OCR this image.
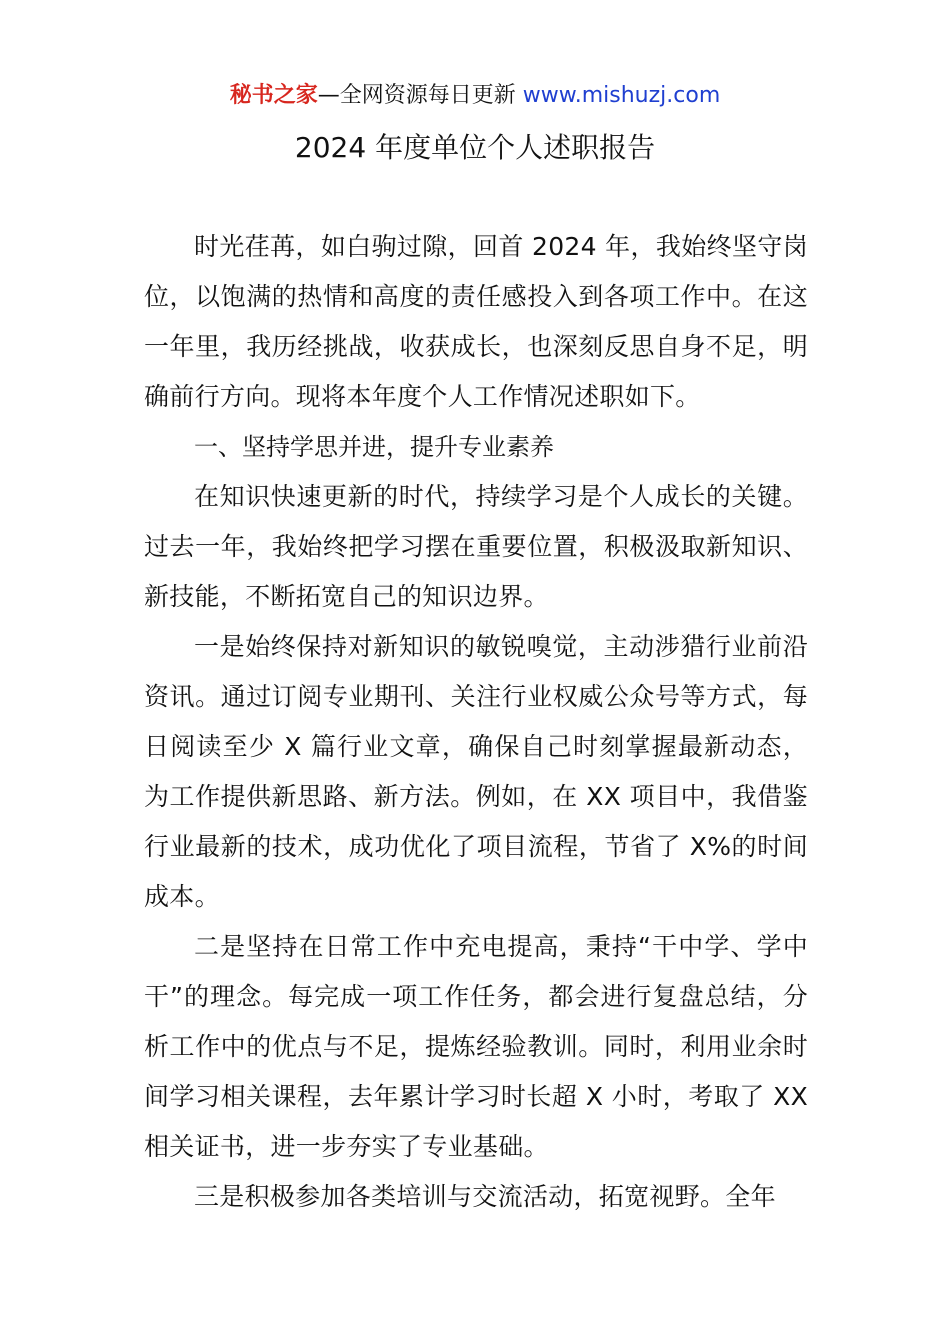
秘书之家—全网资源每日更新 www.mishuzj.com
2024 年度单位个人述职报告

时光荏苒，如白驹过隙，回首 2024 年，我始终坚守岗位，以饱满的热情和高度的责任感投入到各项工作中。在这一年里，我历经挑战，收获成长，也深刻反思自身不足，明确前行方向。现将本年度个人工作情况述职如下。

一、坚持学思并进，提升专业素养

在知识快速更新的时代，持续学习是个人成长的关键。过去一年，我始终把学习摆在重要位置，积极汲取新知识、新技能，不断拓宽自己的知识边界。

一是始终保持对新知识的敏锐嗅觉，主动涉猎行业前沿资讯。通过订阅专业期刊、关注行业权威公众号等方式，每日阅读至少 X 篇行业文章，确保自己时刻掌握最新动态，为工作提供新思路、新方法。例如，在 XX 项目中，我借鉴行业最新的技术，成功优化了项目流程，节省了 X%的时间成本。

二是坚持在日常工作中充电提高，秉持“干中学、学中干”的理念。每完成一项工作任务，都会进行复盘总结，分析工作中的优点与不足，提炼经验教训。同时，利用业余时间学习相关课程，去年累计学习时长超 X 小时，考取了 XX 相关证书，进一步夯实了专业基础。

三是积极参加各类培训与交流活动，拓宽视野。全年
